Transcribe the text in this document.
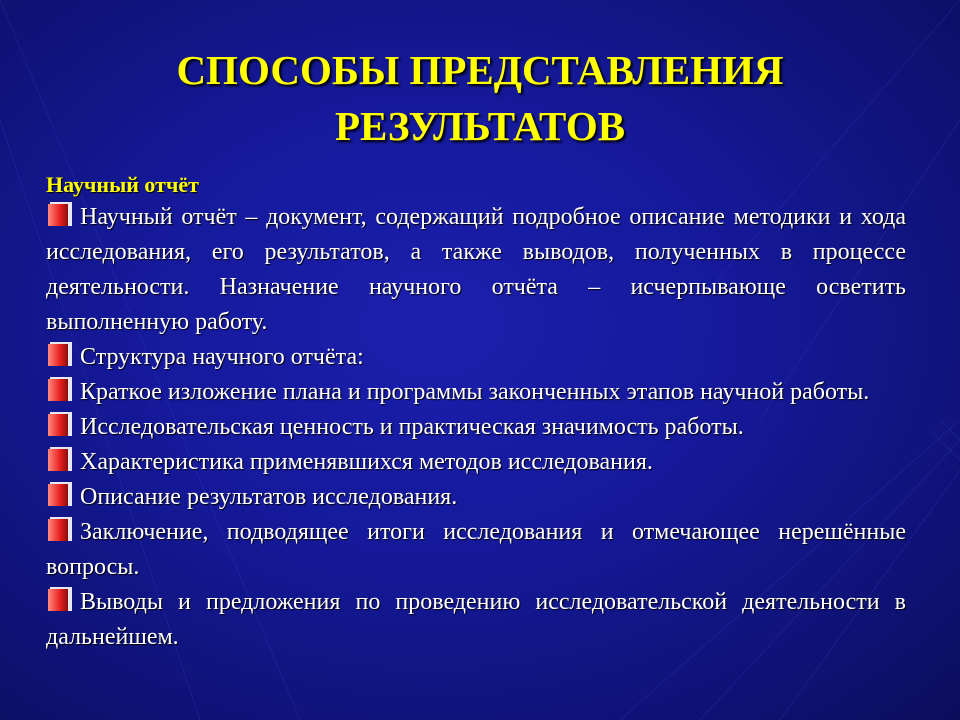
СПОСОБЫ ПРЕДСТАВЛЕНИЯ
РЕЗУЛЬТАТОВ
Научный отчёт
Научный отчёт – документ, содержащий подробное описание методики и хода исследования, его результатов, а также выводов, полученных в процессе деятельности. Назначение научного отчёта – исчерпывающе осветить выполненную работу.
Структура научного отчёта:
Краткое изложение плана и программы законченных этапов научной работы.
Исследовательская ценность и практическая значимость работы.
Характеристика применявшихся методов исследования.
Описание результатов исследования.
Заключение, подводящее итоги исследования и отмечающее нерешённые вопросы.
Выводы и предложения по проведению исследовательской деятельности в дальнейшем.
